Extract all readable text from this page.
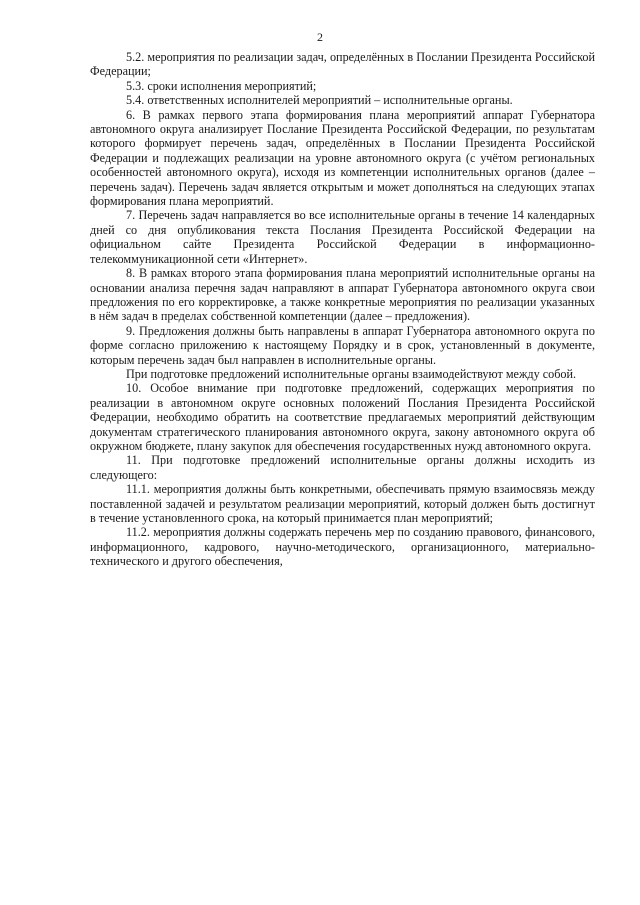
2

5.2. мероприятия по реализации задач, определённых в Послании Президента Российской Федерации;

5.3. сроки исполнения мероприятий;

5.4. ответственных исполнителей мероприятий – исполнительные органы.

6. В рамках первого этапа формирования плана мероприятий аппарат Губернатора автономного округа анализирует Послание Президента Российской Федерации, по результатам которого формирует перечень задач, определённых в Послании Президента Российской Федерации и подлежащих реализации на уровне автономного округа (с учётом региональных особенностей автономного округа), исходя из компетенции исполнительных органов (далее – перечень задач). Перечень задач является открытым и может дополняться на следующих этапах формирования плана мероприятий.

7. Перечень задач направляется во все исполнительные органы в течение 14 календарных дней со дня опубликования текста Послания Президента Российской Федерации на официальном сайте Президента Российской Федерации в информационно-телекоммуникационной сети «Интернет».

8. В рамках второго этапа формирования плана мероприятий исполнительные органы на основании анализа перечня задач направляют в аппарат Губернатора автономного округа свои предложения по его корректировке, а также конкретные мероприятия по реализации указанных в нём задач в пределах собственной компетенции (далее – предложения).

9. Предложения должны быть направлены в аппарат Губернатора автономного округа по форме согласно приложению к настоящему Порядку и в срок, установленный в документе, которым перечень задач был направлен в исполнительные органы.

При подготовке предложений исполнительные органы взаимодействуют между собой.

10. Особое внимание при подготовке предложений, содержащих мероприятия по реализации в автономном округе основных положений Послания Президента Российской Федерации, необходимо обратить на соответствие предлагаемых мероприятий действующим документам стратегического планирования автономного округа, закону автономного округа об окружном бюджете, плану закупок для обеспечения государственных нужд автономного округа.

11. При подготовке предложений исполнительные органы должны исходить из следующего:

11.1. мероприятия должны быть конкретными, обеспечивать прямую взаимосвязь между поставленной задачей и результатом реализации мероприятий, который должен быть достигнут в течение установленного срока, на который принимается план мероприятий;

11.2. мероприятия должны содержать перечень мер по созданию правового, финансового, информационного, кадрового, научно-методического, организационного, материально-технического и другого обеспечения,
